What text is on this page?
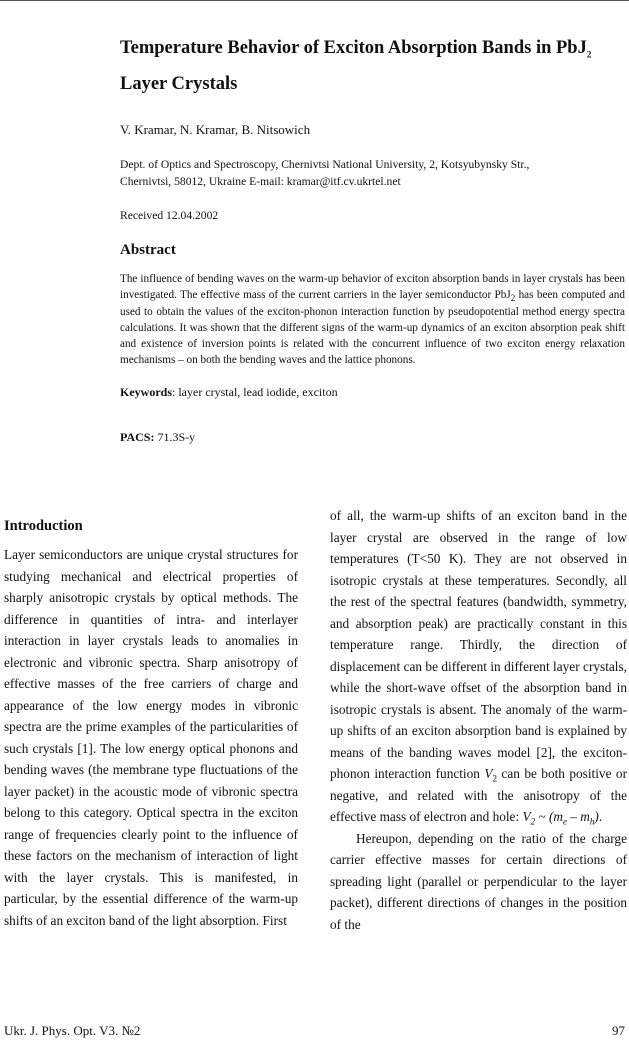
Temperature Behavior of Exciton Absorption Bands in PbJ$_2$
Layer Crystals
V. Kramar, N. Kramar, B. Nitsowich
Dept. of Optics and Spectroscopy, Chernivtsi National University, 2, Kotsyubynsky Str.,
Chernivtsi, 58012, Ukraine E-mail: kramar@itf.cv.ukrtel.net
Received 12.04.2002
Abstract

The influence of bending waves on the warm-up behavior of exciton absorption bands in layer crystals has been investigated. The effective mass of the current carriers in the layer semiconductor PbJ$_2$ has been computed and used to obtain the values of the exciton-phonon interaction function by pseudopotential method energy spectra calculations. It was shown that the different signs of the warm-up dynamics of an exciton absorption peak shift and existence of inversion points is related with the concurrent influence of two exciton energy relaxation mechanisms – on both the bending waves and the lattice phonons.

Keywords: layer crystal, lead iodide, exciton
PACS: 71.3S-y
Introduction

Layer semiconductors are unique crystal structures for studying mechanical and electrical properties of sharply anisotropic crystals by optical methods. The difference in quantities of intra- and interlayer interaction in layer crystals leads to anomalies in electronic and vibronic spectra. Sharp anisotropy of effective masses of the free carriers of charge and appearance of the low energy modes in vibronic spectra are the prime examples of the particularities of such crystals [1]. The low energy optical phonons and bending waves (the membrane type fluctuations of the layer packet) in the acoustic mode of vibronic spectra belong to this category. Optical spectra in the exciton range of frequencies clearly point to the influence of these factors on the mechanism of interaction of light with the layer crystals. This is manifested, in particular, by the essential difference of the warm-up shifts of an exciton band of the light absorption. First

of all, the warm-up shifts of an exciton band in the layer crystal are observed in the range of low temperatures (T<50 K). They are not observed in isotropic crystals at these temperatures. Secondly, all the rest of the spectral features (bandwidth, symmetry, and absorption peak) are practically constant in this temperature range. Thirdly, the direction of displacement can be different in different layer crystals, while the short-wave offset of the absorption band in isotropic crystals is absent. The anomaly of the warm-up shifts of an exciton absorption band is explained by means of the banding waves model [2], the exciton-phonon interaction function $V_2$ can be both positive or negative, and related with the anisotropy of the effective mass of electron and hole: $V_2$ ~ $(m_e - m_h)$.

Hereupon, depending on the ratio of the charge carrier effective masses for certain directions of spreading light (parallel or perpendicular to the layer packet), different directions of changes in the position of the

Ukr. J. Phys. Opt. V3. №2	97
